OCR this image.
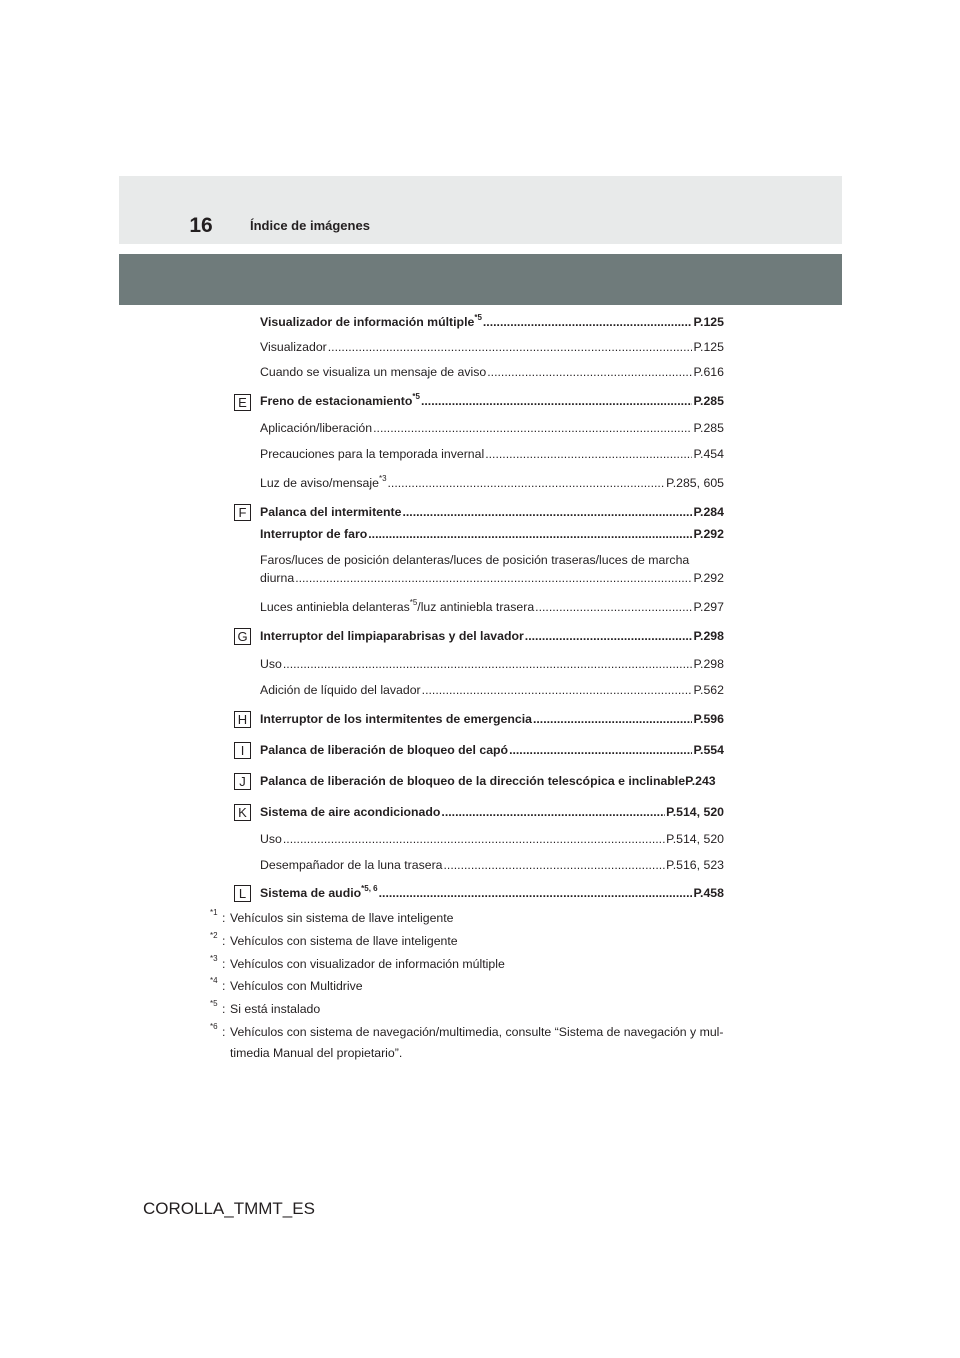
16	Índice de imágenes
Visualizador de información múltiple$^{*5}$ .....	P.125
Visualizador .....	P.125
Cuando se visualiza un mensaje de aviso .....	P.616
E	Freno de estacionamiento$^{*5}$ .....	P.285
Aplicación/liberación .....	P.285
Precauciones para la temporada invernal .....	P.454
Luz de aviso/mensaje$^{*3}$ .....	P.285, 605
F	Palanca del intermitente .....	P.284
Interruptor de faro .....	P.292
Faros/luces de posición delanteras/luces de posición traseras/luces de marcha
diurna .....	P.292
Luces antiniebla delanteras$^{*5}$/luz antiniebla trasera .....	P.297
G Interruptor del limpiaparabrisas y del lavador .....	P.298
Uso .....	P.298
Adición de líquido del lavador .....	P.562
H	Interruptor de los intermitentes de emergencia .....	P.596
I	Palanca de liberación de bloqueo del capó .....	P.554
J	Palanca de liberación de bloqueo de la dirección telescópica e inclinable P.243
K	Sistema de aire acondicionado .....	P.514, 520
Uso .....	P.514, 520
Desempañador de la luna trasera .....	P.516, 523
L	Sistema de audio$^{*5, 6}$ .....	P.458
*1 : Vehículos sin sistema de llave inteligente
*2 : Vehículos con sistema de llave inteligente
*3 : Vehículos con visualizador de información múltiple
*4 : Vehículos con Multidrive
*5 : Si está instalado
*6 : Vehículos con sistema de navegación/multimedia, consulte “Sistema de navegación y mul-
timedia Manual del propietario”.
COROLLA_TMMT_ES
